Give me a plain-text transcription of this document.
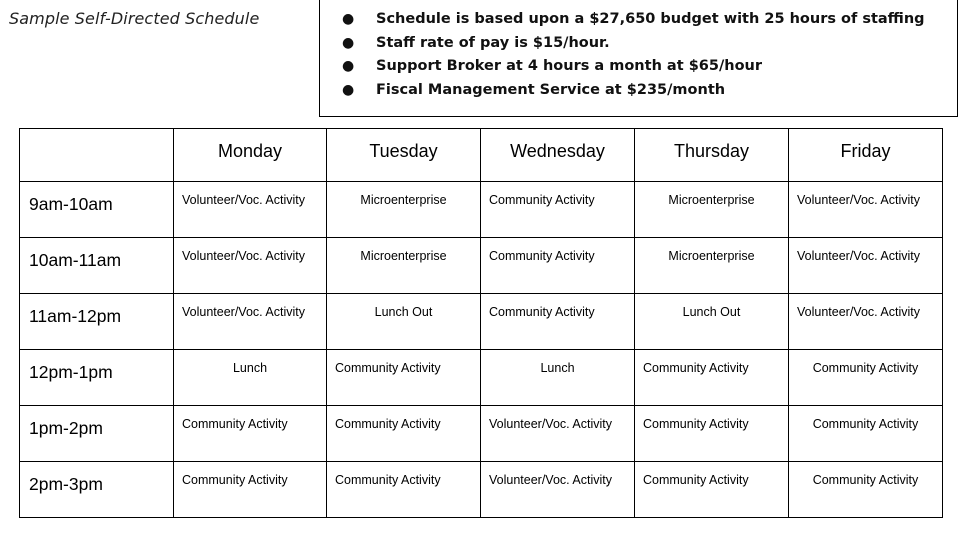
Sample Self-Directed Schedule	● Schedule is based upon a $27,650 budget with 25 hours of staffing
● Staff rate of pay is $15/hour.
● Support Broker at 4 hours a month at $65/hour
● Fiscal Management Service at $235/month
	Monday	Tuesday	Wednesday	Thursday	Friday
9am-10am	Volunteer/Voc. Activity	Microenterprise	Community Activity	Microenterprise	Volunteer/Voc. Activity
10am-11am	Volunteer/Voc. Activity	Microenterprise	Community Activity	Microenterprise	Volunteer/Voc. Activity
11am-12pm	Volunteer/Voc. Activity	Lunch Out	Community Activity	Lunch Out	Volunteer/Voc. Activity
12pm-1pm	Lunch	Community Activity	Lunch	Community Activity	Community Activity
1pm-2pm	Community Activity	Community Activity	Volunteer/Voc. Activity	Community Activity	Community Activity
2pm-3pm	Community Activity	Community Activity	Volunteer/Voc. Activity	Community Activity	Community Activity
